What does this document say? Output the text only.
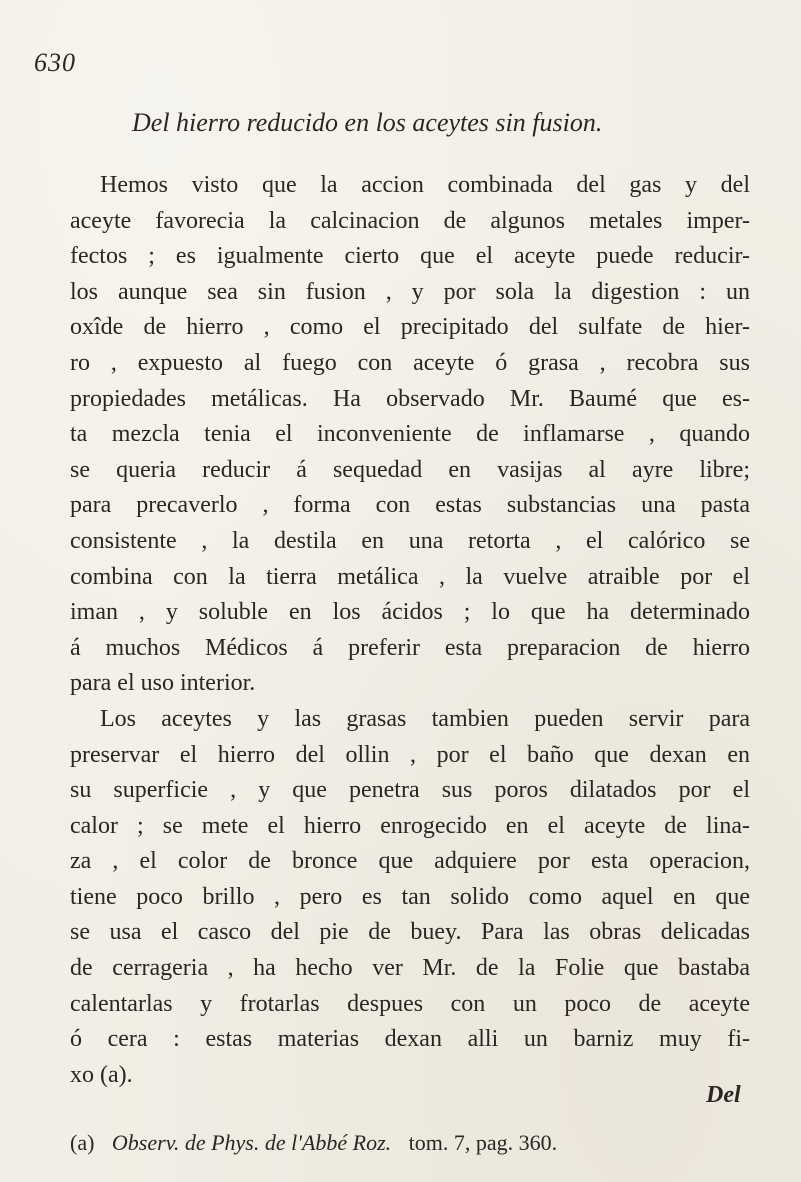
630
Del hierro reducido en los aceytes sin fusion.
Hemos visto que la accion combinada del gas y del
aceyte favorecia la calcinacion de algunos metales imper-
fectos ; es igualmente cierto que el aceyte puede reducir-
los aunque sea sin fusion , y por sola la digestion : un
oxîde de hierro , como el precipitado del sulfate de hier-
ro , expuesto al fuego con aceyte ó grasa , recobra sus
propiedades metálicas. Ha observado Mr. Baumé que es-
ta mezcla tenia el inconveniente de inflamarse , quando
se queria reducir á sequedad en vasijas al ayre libre;
para precaverlo , forma con estas substancias una pasta
consistente , la destila en una retorta , el calórico se
combina con la tierra metálica , la vuelve atraible por el
iman , y soluble en los ácidos ; lo que ha determinado
á muchos Médicos á preferir esta preparacion de hierro
para el uso interior.
Los aceytes y las grasas tambien pueden servir para
preservar el hierro del ollin , por el baño que dexan en
su superficie , y que penetra sus poros dilatados por el
calor ; se mete el hierro enrogecido en el aceyte de lina-
za , el color de bronce que adquiere por esta operacion,
tiene poco brillo , pero es tan solido como aquel en que
se usa el casco del pie de buey. Para las obras delicadas
de cerrageria , ha hecho ver Mr. de la Folie que bastaba
calentarlas y frotarlas despues con un poco de aceyte
ó cera : estas materias dexan alli un barniz muy fi-
xo (a).
Del
(a) Observ. de Phys. de l'Abbé Roz. tom. 7, pag. 360.
